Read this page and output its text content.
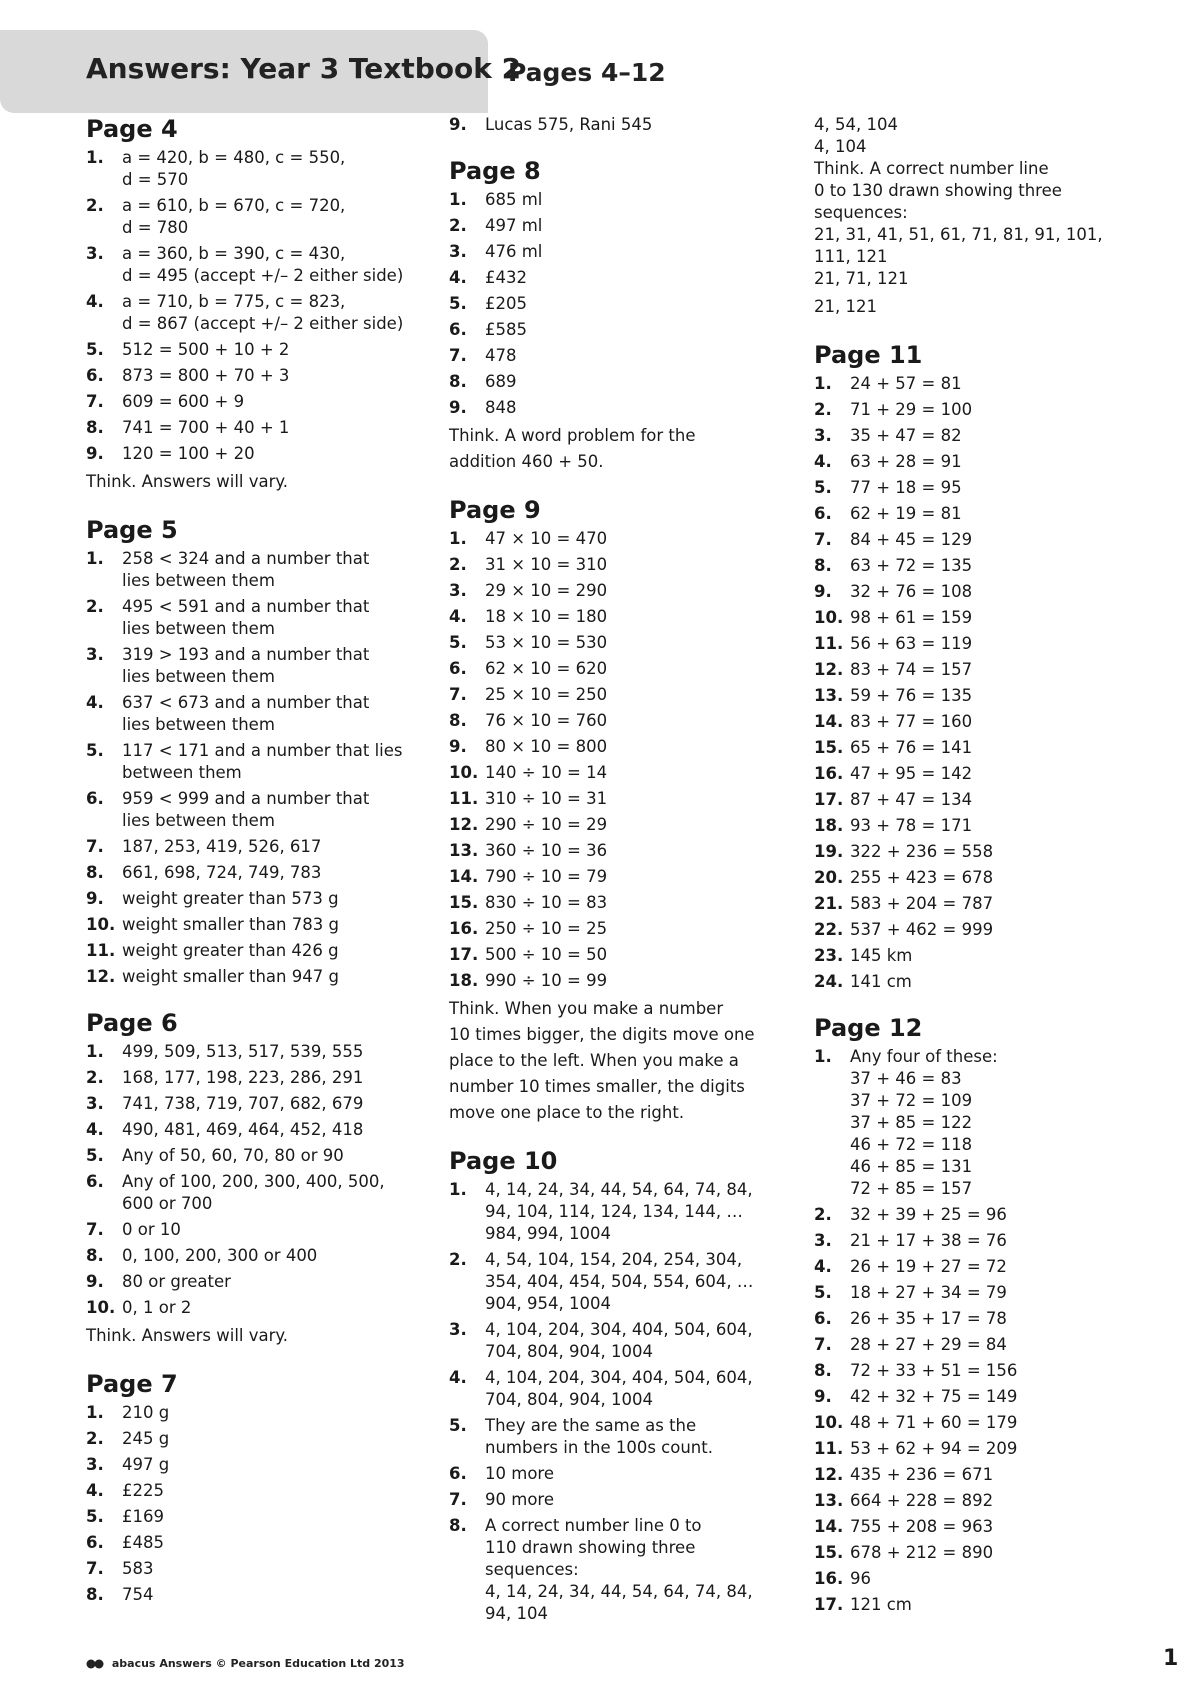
Answers: Year 3 Textbook 2
Pages 4–12
Page 4
1.	a = 420, b = 480, c = 550,
d = 570
2.	a = 610, b = 670, c = 720,
d = 780
3.	a = 360, b = 390, c = 430,
d = 495 (accept +/– 2 either side)
4.	a = 710, b = 775, c = 823,
d = 867 (accept +/– 2 either side)
5.	512 = 500 + 10 + 2
6.	873 = 800 + 70 + 3
7.	609 = 600 + 9
8.	741 = 700 + 40 + 1
9.	120 = 100 + 20
Think. Answers will vary.
Page 5
1.	258 < 324 and a number that
lies between them
2.	495 < 591 and a number that
lies between them
3.	319 > 193 and a number that
lies between them
4.	637 < 673 and a number that
lies between them
5.	117 < 171 and a number that lies
between them
6.	959 < 999 and a number that
lies between them
7.	187, 253, 419, 526, 617
8.	661, 698, 724, 749, 783
9.	weight greater than 573 g
10. weight smaller than 783 g
11. weight greater than 426 g
12. weight smaller than 947 g
Page 6
1.	499, 509, 513, 517, 539, 555
2.	168, 177, 198, 223, 286, 291
3.	741, 738, 719, 707, 682, 679
4.	490, 481, 469, 464, 452, 418
5.	Any of 50, 60, 70, 80 or 90
6.	Any of 100, 200, 300, 400, 500,
600 or 700
7.	0 or 10
8.	0, 100, 200, 300 or 400
9.	80 or greater
10. 0, 1 or 2
Think. Answers will vary.
Page 7
1.	210 g
2.	245 g
3.	497 g
4.	£225
5.	£169
6.	£485
7.	583
8.	754
9.	Lucas 575, Rani 545
Page 8
1.	685 ml
2.	497 ml
3.	476 ml
4.	£432
5.	£205
6.	£585
7.	478
8.	689
9.	848
Think. A word problem for the
addition 460 + 50.
Page 9
1.	47 × 10 = 470
2.	31 × 10 = 310
3.	29 × 10 = 290
4.	18 × 10 = 180
5.	53 × 10 = 530
6.	62 × 10 = 620
7.	25 × 10 = 250
8.	76 × 10 = 760
9.	80 × 10 = 800
10. 140 ÷ 10 = 14
11. 310 ÷ 10 = 31
12. 290 ÷ 10 = 29
13. 360 ÷ 10 = 36
14. 790 ÷ 10 = 79
15. 830 ÷ 10 = 83
16. 250 ÷ 10 = 25
17. 500 ÷ 10 = 50
18. 990 ÷ 10 = 99
Think. When you make a number
10 times bigger, the digits move one
place to the left. When you make a
number 10 times smaller, the digits
move one place to the right.
Page 10
1.	4, 14, 24, 34, 44, 54, 64, 74, 84,
94, 104, 114, 124, 134, 144, …
984, 994, 1004
2.	4, 54, 104, 154, 204, 254, 304,
354, 404, 454, 504, 554, 604, …
904, 954, 1004
3.	4, 104, 204, 304, 404, 504, 604,
704, 804, 904, 1004
4.	4, 104, 204, 304, 404, 504, 604,
704, 804, 904, 1004
5.	They are the same as the
numbers in the 100s count.
6.	10 more
7.	90 more
8.	A correct number line 0 to
110 drawn showing three
sequences:
4, 14, 24, 34, 44, 54, 64, 74, 84,
94, 104
4, 54, 104
4, 104
Think. A correct number line
0 to 130 drawn showing three
sequences:
21, 31, 41, 51, 61, 71, 81, 91, 101,
111, 121
21, 71, 121
21, 121
Page 11
1.	24 + 57 = 81
2.	71 + 29 = 100
3.	35 + 47 = 82
4.	63 + 28 = 91
5.	77 + 18 = 95
6.	62 + 19 = 81
7.	84 + 45 = 129
8.	63 + 72 = 135
9.	32 + 76 = 108
10. 98 + 61 = 159
11. 56 + 63 = 119
12. 83 + 74 = 157
13. 59 + 76 = 135
14. 83 + 77 = 160
15. 65 + 76 = 141
16. 47 + 95 = 142
17. 87 + 47 = 134
18. 93 + 78 = 171
19. 322 + 236 = 558
20. 255 + 423 = 678
21. 583 + 204 = 787
22. 537 + 462 = 999
23. 145 km
24. 141 cm
Page 12
1.	Any four of these:
37 + 46 = 83
37 + 72 = 109
37 + 85 = 122
46 + 72 = 118
46 + 85 = 131
72 + 85 = 157
2.	32 + 39 + 25 = 96
3.	21 + 17 + 38 = 76
4.	26 + 19 + 27 = 72
5.	18 + 27 + 34 = 79
6.	26 + 35 + 17 = 78
7.	28 + 27 + 29 = 84
8.	72 + 33 + 51 = 156
9.	42 + 32 + 75 = 149
10. 48 + 71 + 60 = 179
11. 53 + 62 + 94 = 209
12. 435 + 236 = 671
13. 664 + 228 = 892
14. 755 + 208 = 963
15. 678 + 212 = 890
16. 96
17. 121 cm
abacus Answers © Pearson Education Ltd 2013	1
